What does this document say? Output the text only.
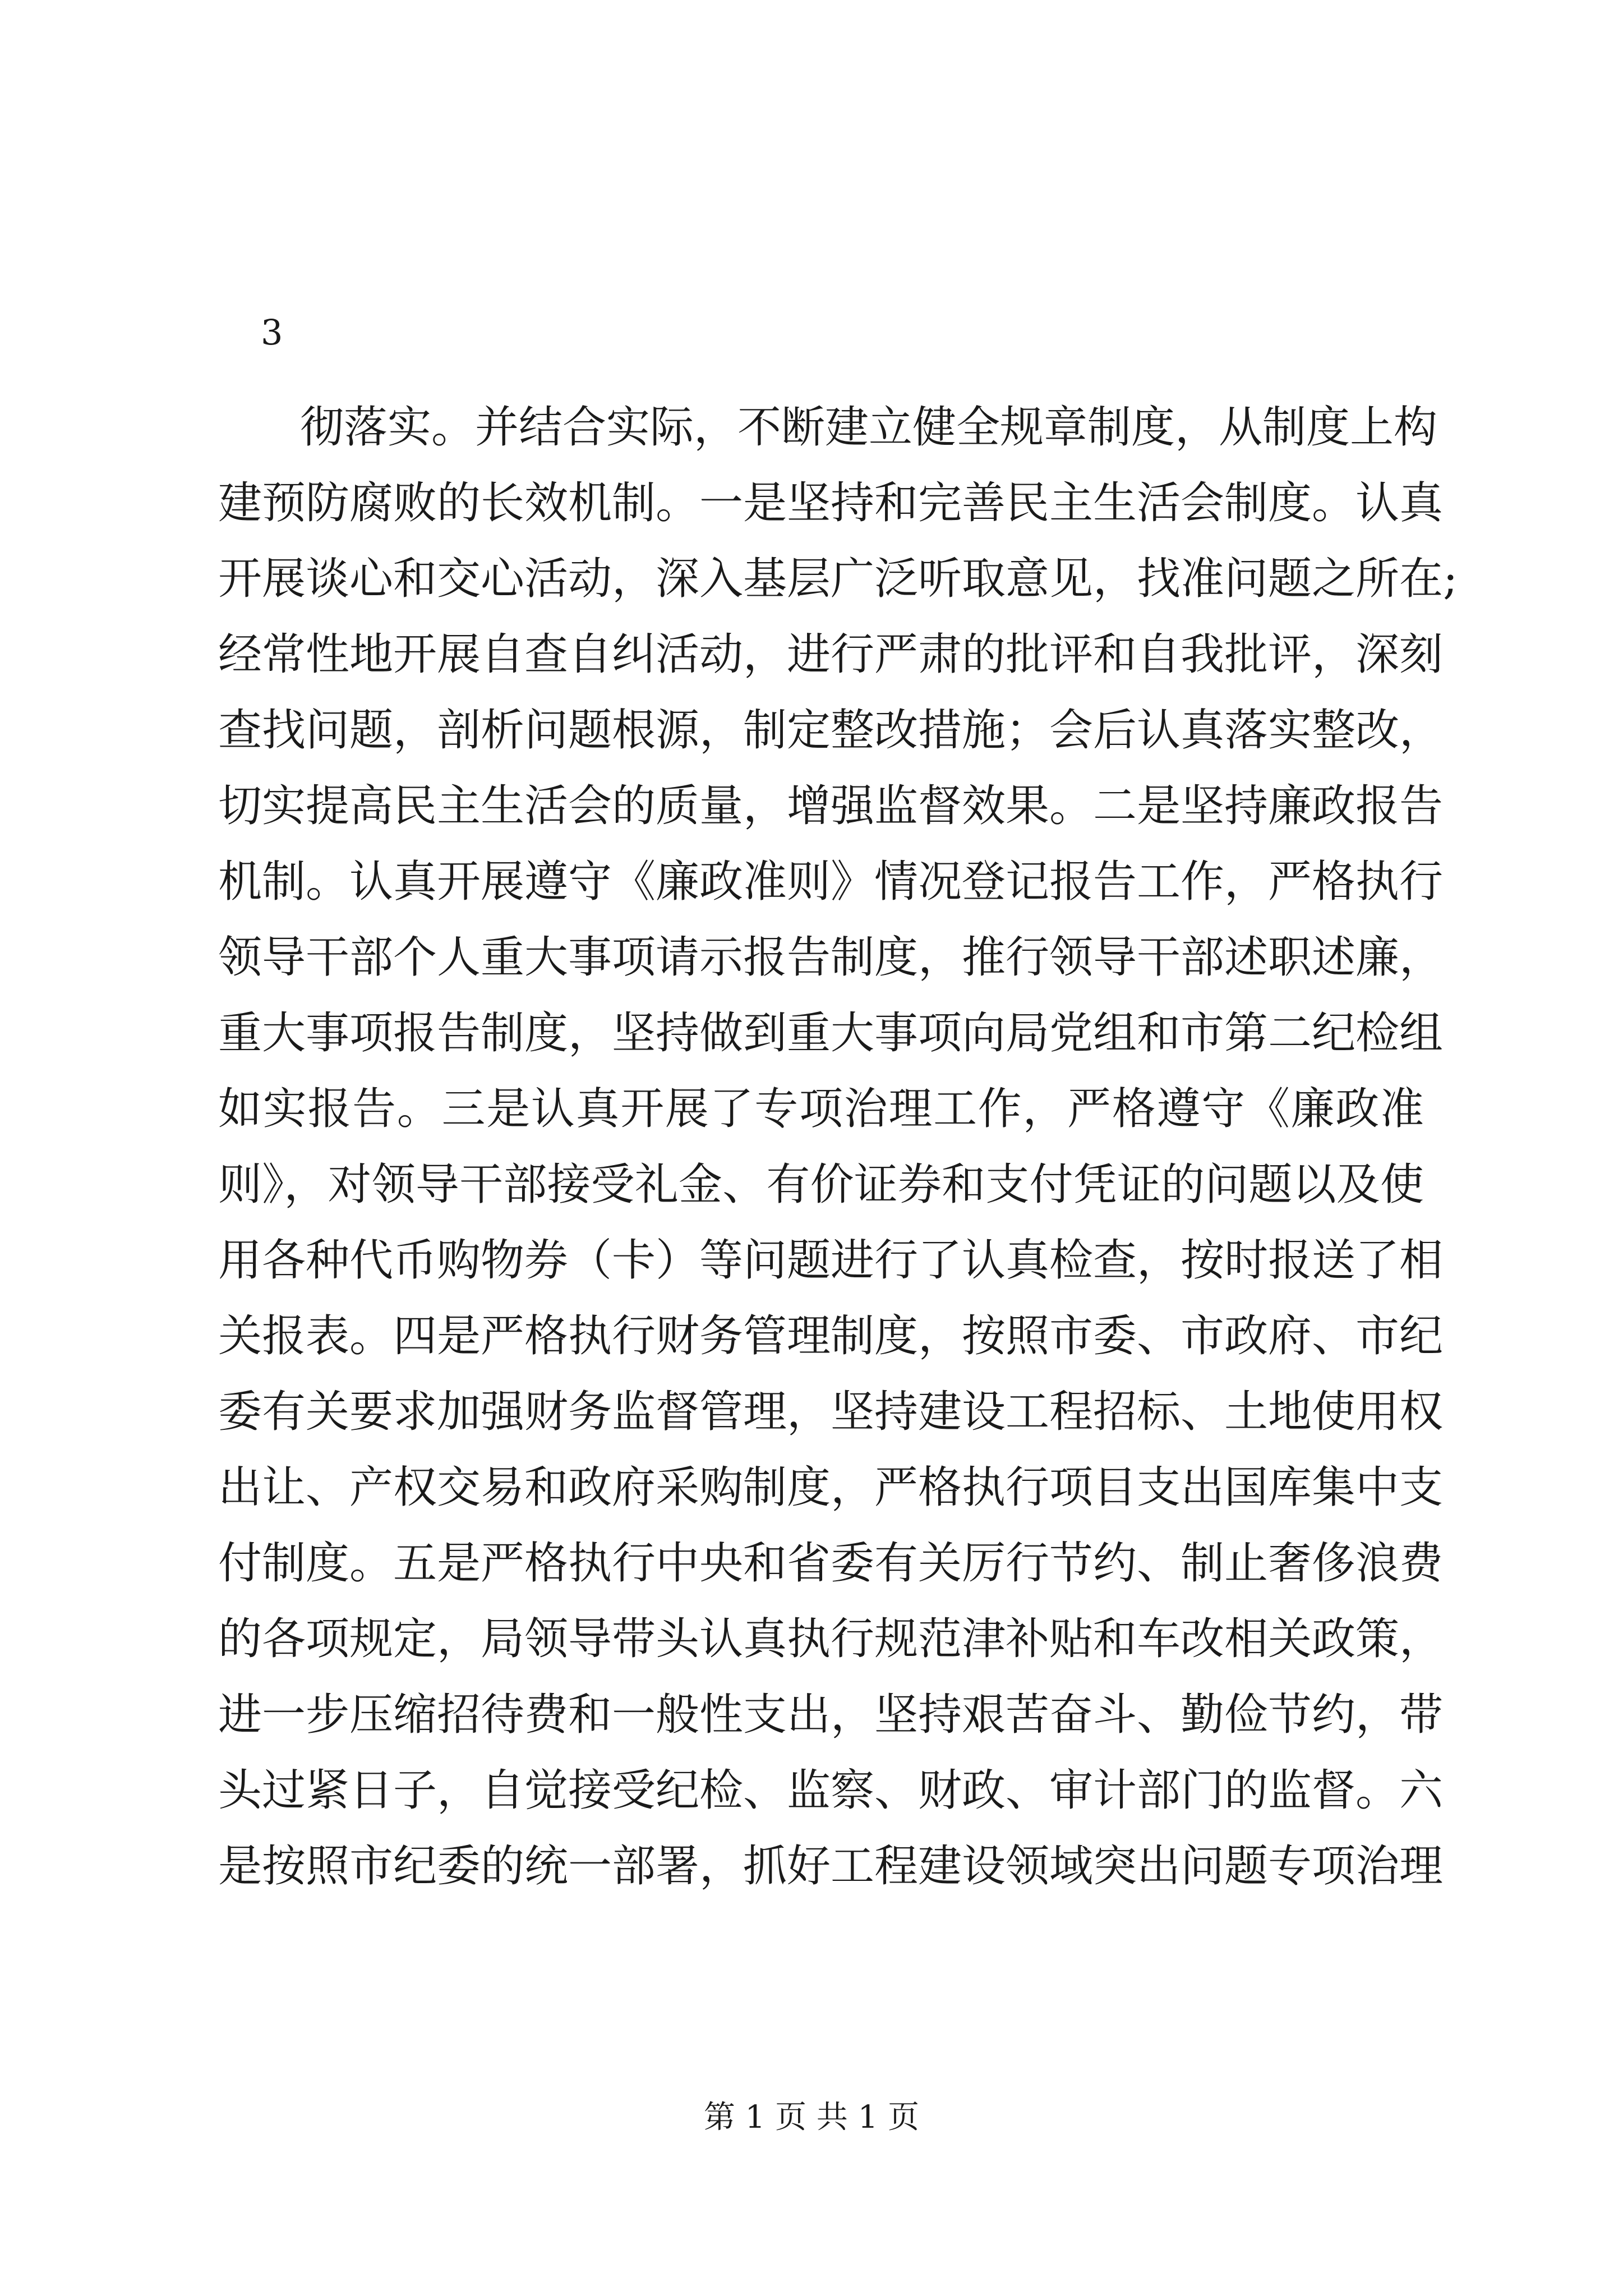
3
彻落实。并结合实际，不断建立健全规章制度，从制度上构
建预防腐败的长效机制。一是坚持和完善民主生活会制度。认真
开展谈心和交心活动，深入基层广泛听取意见，找准问题之所在;
经常性地开展自查自纠活动，进行严肃的批评和自我批评，深刻
查找问题，剖析问题根源，制定整改措施；会后认真落实整改，
切实提高民主生活会的质量，增强监督效果。二是坚持廉政报告
机制。认真开展遵守《廉政准则》情况登记报告工作，严格执行
领导干部个人重大事项请示报告制度，推行领导干部述职述廉，
重大事项报告制度，坚持做到重大事项向局党组和市第二纪检组
如实报告。三是认真开展了专项治理工作，严格遵守《廉政准
则》，对领导干部接受礼金、有价证券和支付凭证的问题以及使
用各种代币购物券（卡）等问题进行了认真检查，按时报送了相
关报表。四是严格执行财务管理制度，按照市委、市政府、市纪
委有关要求加强财务监督管理，坚持建设工程招标、土地使用权
出让、产权交易和政府采购制度，严格执行项目支出国库集中支
付制度。五是严格执行中央和省委有关厉行节约、制止奢侈浪费
的各项规定，局领导带头认真执行规范津补贴和车改相关政策，
进一步压缩招待费和一般性支出，坚持艰苦奋斗、勤俭节约，带
头过紧日子，自觉接受纪检、监察、财政、审计部门的监督。六
是按照市纪委的统一部署，抓好工程建设领域突出问题专项治理
第 1 页 共 1 页
